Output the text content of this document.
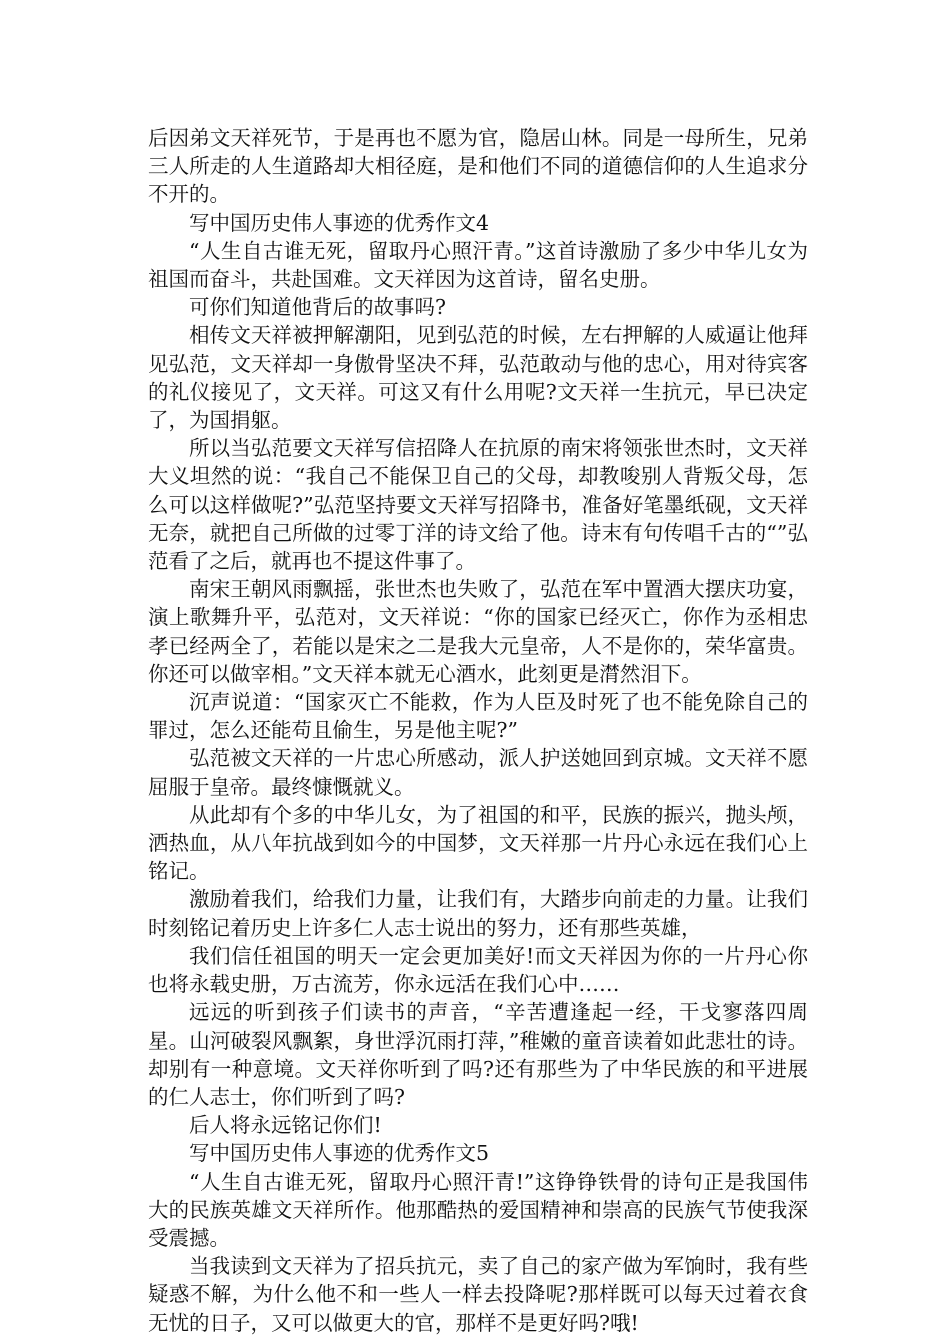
后因弟文天祥死节，于是再也不愿为官，隐居山林。同是一母所生，兄弟三人所走的人生道路却大相径庭，是和他们不同的道德信仰的人生追求分不开的。

写中国历史伟人事迹的优秀作文4

“人生自古谁无死，留取丹心照汗青。”这首诗激励了多少中华儿女为祖国而奋斗，共赴国难。文天祥因为这首诗，留名史册。

可你们知道他背后的故事吗?

相传文天祥被押解潮阳，见到弘范的时候，左右押解的人威逼让他拜见弘范，文天祥却一身傲骨坚决不拜，弘范敢动与他的忠心，用对待宾客的礼仪接见了，文天祥。可这又有什么用呢?文天祥一生抗元，早已决定了，为国捐躯。

所以当弘范要文天祥写信招降人在抗原的南宋将领张世杰时，文天祥大义坦然的说：“我自己不能保卫自己的父母，却教唆别人背叛父母，怎么可以这样做呢?”弘范坚持要文天祥写招降书，准备好笔墨纸砚，文天祥无奈，就把自己所做的过零丁洋的诗文给了他。诗末有句传唱千古的“”弘范看了之后，就再也不提这件事了。

南宋王朝风雨飘摇，张世杰也失败了，弘范在军中置酒大摆庆功宴，演上歌舞升平，弘范对，文天祥说：“你的国家已经灭亡，你作为丞相忠孝已经两全了，若能以是宋之二是我大元皇帝，人不是你的，荣华富贵。你还可以做宰相。”文天祥本就无心酒水，此刻更是潸然泪下。

沉声说道：“国家灭亡不能救，作为人臣及时死了也不能免除自己的罪过，怎么还能苟且偷生，另是他主呢?”

弘范被文天祥的一片忠心所感动，派人护送她回到京城。文天祥不愿屈服于皇帝。最终慷慨就义。

从此却有个多的中华儿女，为了祖国的和平，民族的振兴，抛头颅，洒热血，从八年抗战到如今的中国梦，文天祥那一片丹心永远在我们心上铭记。

激励着我们，给我们力量，让我们有，大踏步向前走的力量。让我们时刻铭记着历史上许多仁人志士说出的努力，还有那些英雄，

我们信任祖国的明天一定会更加美好!而文天祥因为你的一片丹心你也将永载史册，万古流芳，你永远活在我们心中……

远远的听到孩子们读书的声音，“辛苦遭逢起一经，干戈寥落四周星。山河破裂风飘絮，身世浮沉雨打萍，”稚嫩的童音读着如此悲壮的诗。却别有一种意境。文天祥你听到了吗?还有那些为了中华民族的和平进展的仁人志士，你们听到了吗?

后人将永远铭记你们!

写中国历史伟人事迹的优秀作文5

“人生自古谁无死，留取丹心照汗青!”这铮铮铁骨的诗句正是我国伟大的民族英雄文天祥所作。他那酷热的爱国精神和崇高的民族气节使我深受震撼。

当我读到文天祥为了招兵抗元，卖了自己的家产做为军饷时，我有些疑惑不解，为什么他不和一些人一样去投降呢?那样既可以每天过着衣食无忧的日子，又可以做更大的官，那样不是更好吗?哦!
